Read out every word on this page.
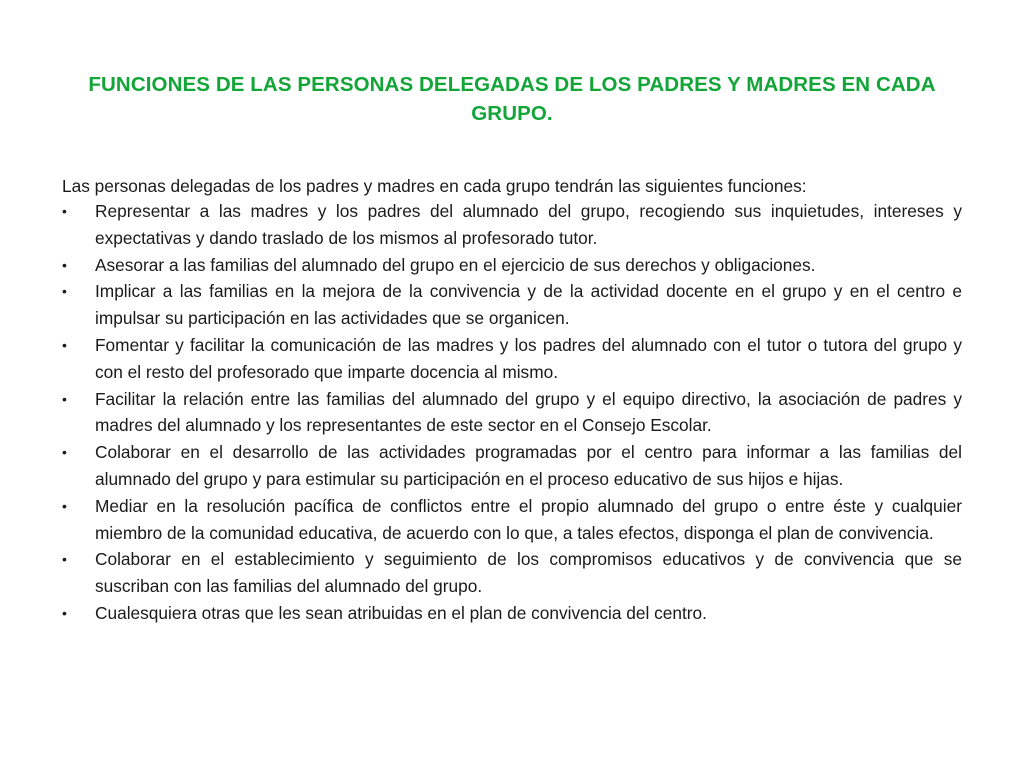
FUNCIONES DE LAS PERSONAS DELEGADAS DE LOS PADRES Y MADRES EN CADA GRUPO.

Las personas delegadas de los padres y madres en cada grupo tendrán las siguientes funciones:

•	Representar a las madres y los padres del alumnado del grupo, recogiendo sus inquietudes, intereses y expectativas y dando traslado de los mismos al profesorado tutor.
•	Asesorar a las familias del alumnado del grupo en el ejercicio de sus derechos y obligaciones.
•	Implicar a las familias en la mejora de la convivencia y de la actividad docente en el grupo y en el centro e impulsar su participación en las actividades que se organicen.
•	Fomentar y facilitar la comunicación de las madres y los padres del alumnado con el tutor o tutora del grupo y con el resto del profesorado que imparte docencia al mismo.
•	Facilitar la relación entre las familias del alumnado del grupo y el equipo directivo, la asociación de padres y madres del alumnado y los representantes de este sector en el Consejo Escolar.
•	Colaborar en el desarrollo de las actividades programadas por el centro para informar a las familias del alumnado del grupo y para estimular su participación en el proceso educativo de sus hijos e hijas.
•	Mediar en la resolución pacífica de conflictos entre el propio alumnado del grupo o entre éste y cualquier miembro de la comunidad educativa, de acuerdo con lo que, a tales efectos, disponga el plan de convivencia.
•	Colaborar en el establecimiento y seguimiento de los compromisos educativos y de convivencia que se suscriban con las familias del alumnado del grupo.
•	Cualesquiera otras que les sean atribuidas en el plan de convivencia del centro.
